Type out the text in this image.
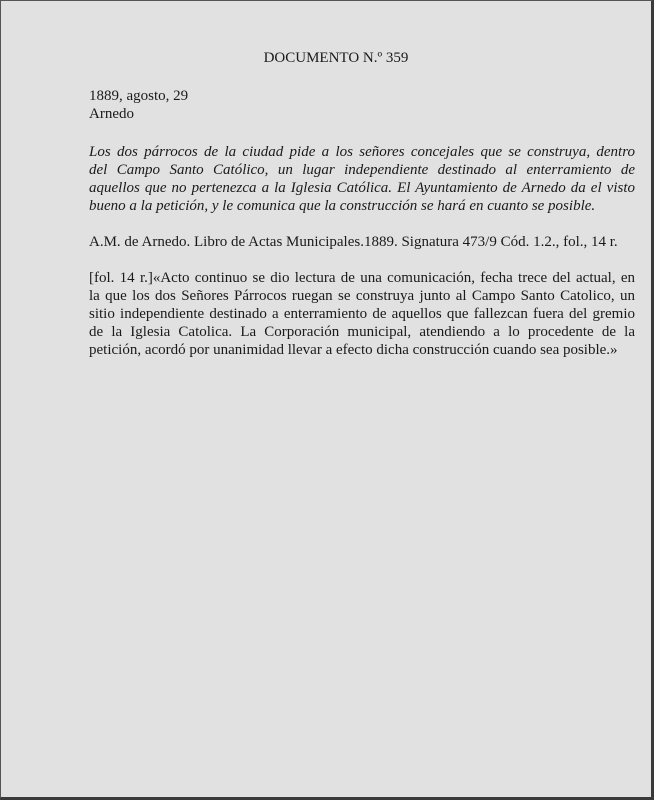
DOCUMENTO N.º 359
1889, agosto, 29
Arnedo
Los dos párrocos de la ciudad pide a los señores concejales que se construya, dentro
del Campo Santo Católico, un lugar independiente destinado al enterramiento de
aquellos que no pertenezca a la Iglesia Católica. El Ayuntamiento de Arnedo da el visto
bueno a la petición, y le comunica que la construcción se hará en cuanto se posible.
A.M. de Arnedo. Libro de Actas Municipales.1889. Signatura 473/9 Cód. 1.2., fol., 14 r.
[fol. 14 r.]«Acto continuo se dio lectura de una comunicación, fecha trece del actual, en
la que los dos Señores Párrocos ruegan se construya junto al Campo Santo Catolico, un
sitio independiente destinado a enterramiento de aquellos que fallezcan fuera del gremio
de la Iglesia Catolica. La Corporación municipal, atendiendo a lo procedente de la
petición, acordó por unanimidad llevar a efecto dicha construcción cuando sea posible.»
